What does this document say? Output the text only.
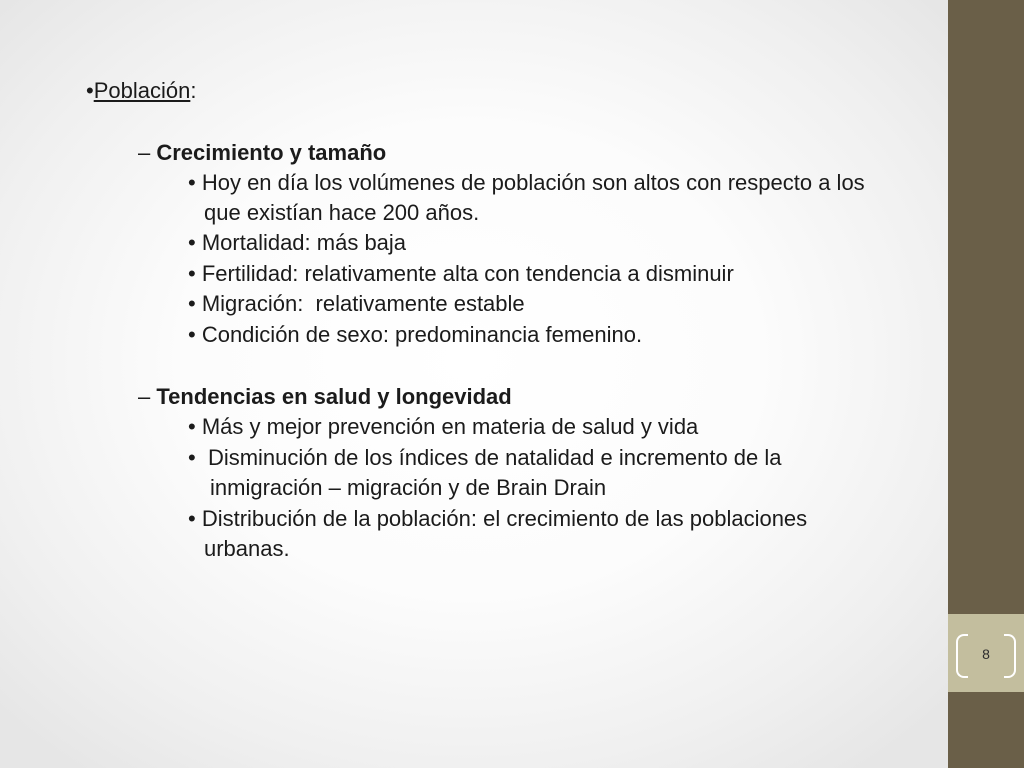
•Población:
– Crecimiento y tamaño
• Hoy en día los volúmenes de población son altos con respecto a los
que existían hace 200 años.
• Mortalidad: más baja
• Fertilidad: relativamente alta con tendencia a disminuir
• Migración:  relativamente estable
• Condición de sexo: predominancia femenino.
– Tendencias en salud y longevidad
• Más y mejor prevención en materia de salud y vida
•  Disminución de los índices de natalidad e incremento de la
inmigración – migración y de Brain Drain
• Distribución de la población: el crecimiento de las poblaciones
urbanas.
8
